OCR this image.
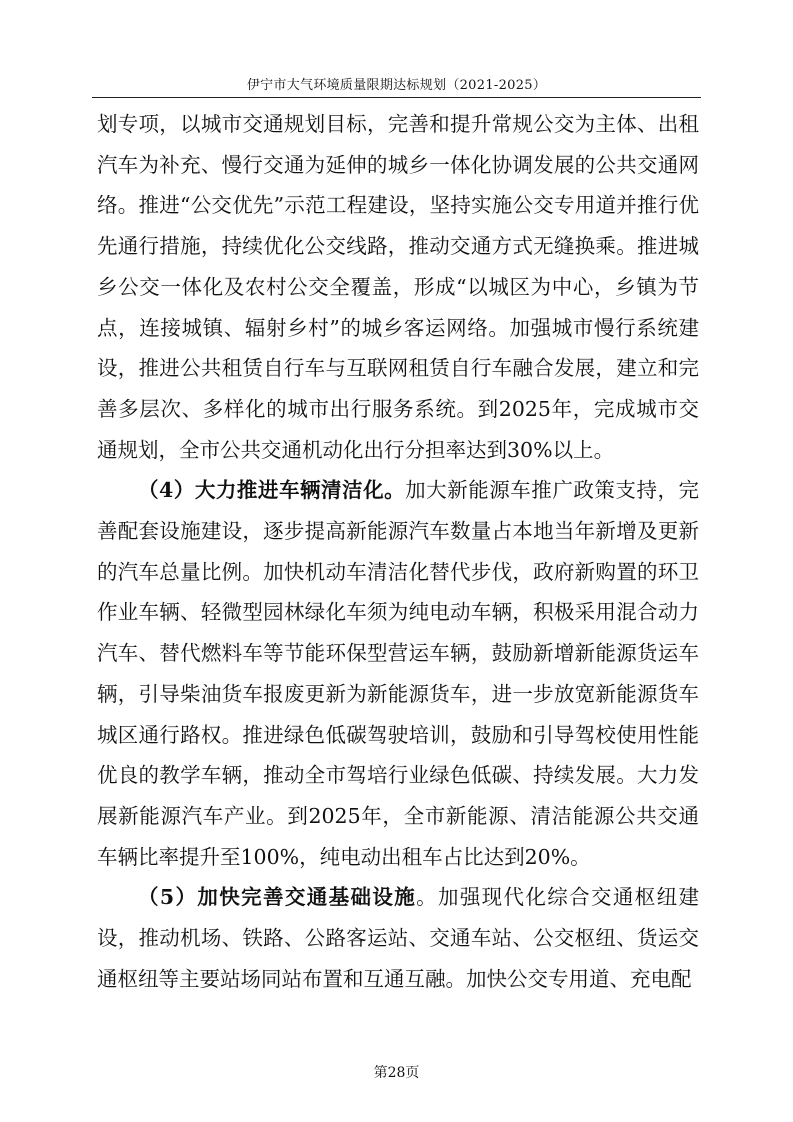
伊宁市大气环境质量限期达标规划（2021-2025）

划专项，以城市交通规划目标，完善和提升常规公交为主体、出租汽车为补充、慢行交通为延伸的城乡一体化协调发展的公共交通网络。推进“公交优先”示范工程建设，坚持实施公交专用道并推行优先通行措施，持续优化公交线路，推动交通方式无缝换乘。推进城乡公交一体化及农村公交全覆盖，形成“以城区为中心，乡镇为节点，连接城镇、辐射乡村”的城乡客运网络。加强城市慢行系统建设，推进公共租赁自行车与互联网租赁自行车融合发展，建立和完善多层次、多样化的城市出行服务系统。到2025年，完成城市交通规划，全市公共交通机动化出行分担率达到30%以上。

（4）大力推进车辆清洁化。加大新能源车推广政策支持，完善配套设施建设，逐步提高新能源汽车数量占本地当年新增及更新的汽车总量比例。加快机动车清洁化替代步伐，政府新购置的环卫作业车辆、轻微型园林绿化车须为纯电动车辆，积极采用混合动力汽车、替代燃料车等节能环保型营运车辆，鼓励新增新能源货运车辆，引导柴油货车报废更新为新能源货车，进一步放宽新能源货车城区通行路权。推进绿色低碳驾驶培训，鼓励和引导驾校使用性能优良的教学车辆，推动全市驾培行业绿色低碳、持续发展。大力发展新能源汽车产业。到2025年，全市新能源、清洁能源公共交通车辆比率提升至100%，纯电动出租车占比达到20%。

（5）加快完善交通基础设施。加强现代化综合交通枢纽建设，推动机场、铁路、公路客运站、交通车站、公交枢纽、货运交通枢纽等主要站场同站布置和互通互融。加快公交专用道、充电配

第28页
